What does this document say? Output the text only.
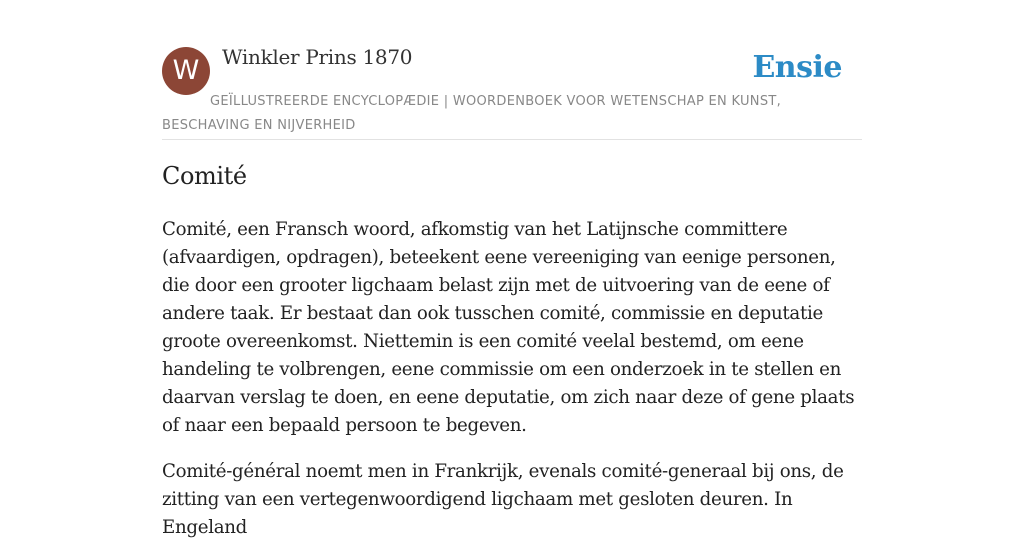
W	Winkler Prins 1870	Ensie
GEÏLLUSTREERDE ENCYCLOPÆDIE | WOORDENBOEK VOOR WETENSCHAP EN KUNST, BESCHAVING EN NIJVERHEID
Comité

Comité, een Fransch woord, afkomstig van het Latijnsche committere (afvaardigen, opdragen), beteekent eene vereeniging van eenige personen, die door een grooter ligchaam belast zijn met de uitvoering van de eene of andere taak. Er bestaat dan ook tusschen comité, commissie en deputatie groote overeenkomst. Niettemin is een comité veelal bestemd, om eene handeling te volbrengen, eene commissie om een onderzoek in te stellen en daarvan verslag te doen, en eene deputatie, om zich naar deze of gene plaats of naar een bepaald persoon te begeven.

Comité-général noemt men in Frankrijk, evenals comité-generaal bij ons, de zitting van een vertegenwoordigend ligchaam met gesloten deuren. In Engeland
